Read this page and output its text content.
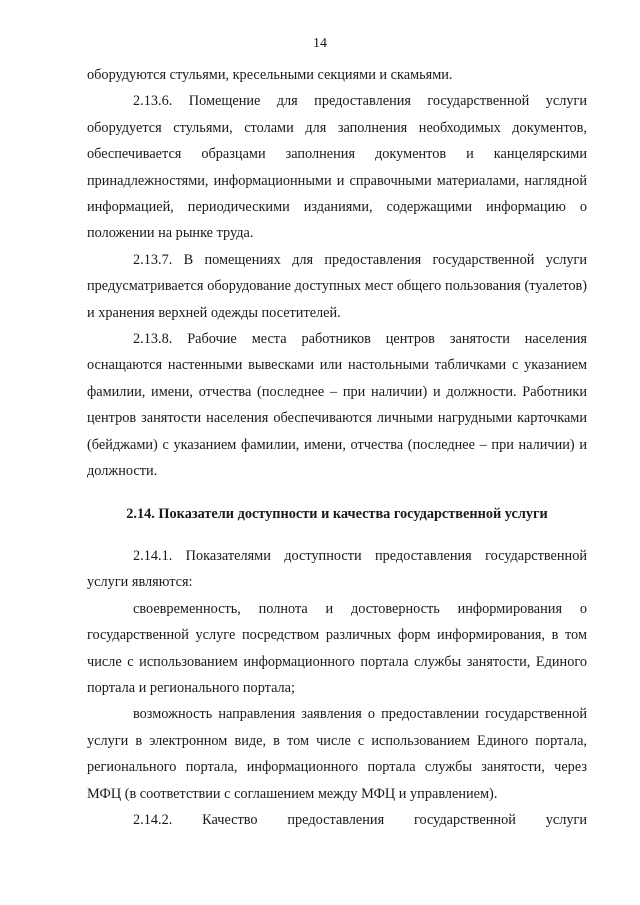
14

оборудуются стульями, кресельными секциями и скамьями.

2.13.6. Помещение для предоставления государственной услуги оборудуется стульями, столами для заполнения необходимых документов, обеспечивается образцами заполнения документов и канцелярскими принадлежностями, информационными и справочными материалами, наглядной информацией, периодическими изданиями, содержащими информацию о положении на рынке труда.

2.13.7. В помещениях для предоставления государственной услуги предусматривается оборудование доступных мест общего пользования (туалетов) и хранения верхней одежды посетителей.

2.13.8. Рабочие места работников центров занятости населения оснащаются настенными вывесками или настольными табличками с указанием фамилии, имени, отчества (последнее – при наличии) и должности. Работники центров занятости населения обеспечиваются личными нагрудными карточками (бейджами) с указанием фамилии, имени, отчества (последнее – при наличии) и должности.

2.14. Показатели доступности и качества государственной услуги

2.14.1. Показателями доступности предоставления государственной услуги являются:

своевременность, полнота и достоверность информирования о государственной услуге посредством различных форм информирования, в том числе с использованием информационного портала службы занятости, Единого портала и регионального портала;

возможность направления заявления о предоставлении государственной услуги в электронном виде, в том числе с использованием Единого портала, регионального портала, информационного портала службы занятости, через МФЦ (в соответствии с соглашением между МФЦ и управлением).

2.14.2. Качество предоставления государственной услуги
